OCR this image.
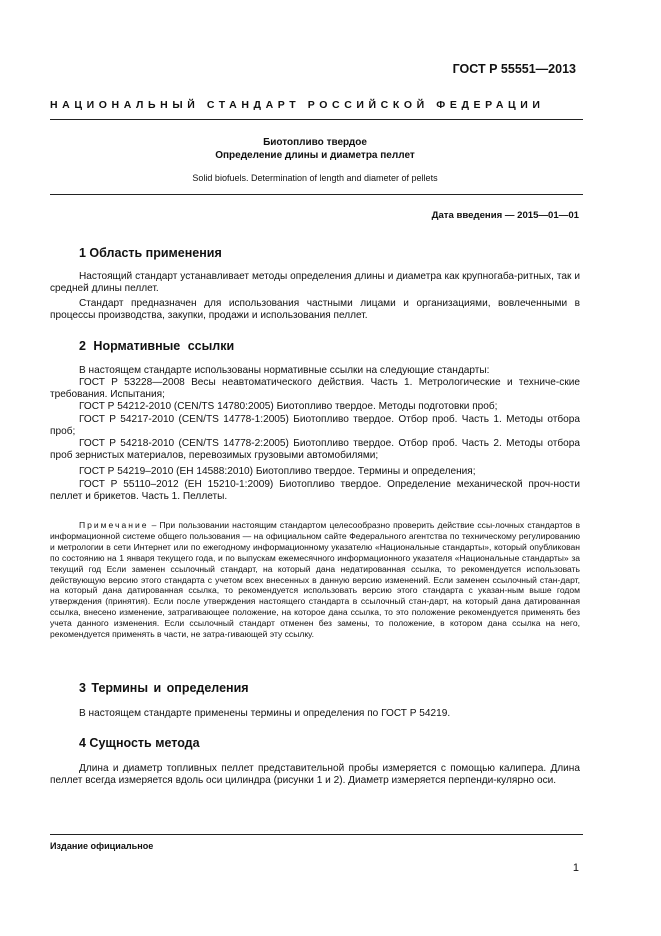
ГОСТ Р 55551—2013
НАЦИОНАЛЬНЫЙ СТАНДАРТ РОССИЙСКОЙ ФЕДЕРАЦИИ
Биотопливо твердое
Определение длины и диаметра пеллет
Solid biofuels. Determination of length and diameter of pellets
Дата введения — 2015—01—01
1 Область применения

Настоящий стандарт устанавливает методы определения длины и диаметра как крупногаба-ритных, так и средней длины пеллет.

Стандарт предназначен для использования частными лицами и организациями, вовлеченными в процессы производства, закупки, продажи и использования пеллет.

2 Нормативные ссылки

В настоящем стандарте использованы нормативные ссылки на следующие стандарты:

ГОСТ Р 53228—2008 Весы неавтоматического действия. Часть 1. Метрологические и техниче-ские требования. Испытания;

ГОСТ Р 54212-2010 (CEN/TS 14780:2005) Биотопливо твердое. Методы подготовки проб;

ГОСТ Р 54217-2010 (CEN/TS 14778-1:2005) Биотопливо твердое. Отбор проб. Часть 1. Методы отбора проб;

ГОСТ Р 54218-2010 (CEN/TS 14778-2:2005) Биотопливо твердое. Отбор проб. Часть 2. Методы отбора проб зернистых материалов, перевозимых грузовыми автомобилями;

ГОСТ Р 54219–2010 (ЕН 14588:2010) Биотопливо твердое. Термины и определения;

ГОСТ Р 55110–2012 (ЕН 15210-1:2009) Биотопливо твердое. Определение механической проч-ности пеллет и брикетов. Часть 1. Пеллеты.

Примечание – При пользовании настоящим стандартом целесообразно проверить действие ссы-лочных стандартов в информационной системе общего пользования — на официальном сайте Федерального агентства по техническому регулированию и метрологии в сети Интернет или по ежегодному информационному указателю «Национальные стандарты», который опубликован по состоянию на 1 января текущего года, и по выпускам ежемесячного информационного указателя «Национальные стандарты» за текущий год Если заменен ссылочный стандарт, на который дана недатированная ссылка, то рекомендуется использовать действующую версию этого стандарта с учетом всех внесенных в данную версию изменений. Если заменен ссылочный стан-дарт, на который дана датированная ссылка, то рекомендуется использовать версию этого стандарта с указан-ным выше годом утверждения (принятия). Если после утверждения настоящего стандарта в ссылочный стан-дарт, на который дана датированная ссылка, внесено изменение, затрагивающее положение, на которое дана ссылка, то это положение рекомендуется применять без учета данного изменения. Если ссылочный стандарт отменен без замены, то положение, в котором дана ссылка на него, рекомендуется применять в части, не затра-гивающей эту ссылку.

3 Термины и определения

В настоящем стандарте применены термины и определения по ГОСТ Р 54219.

4 Сущность метода

Длина и диаметр топливных пеллет представительной пробы измеряется с помощью калипера. Длина пеллет всегда измеряется вдоль оси цилиндра (рисунки 1 и 2). Диаметр измеряется перпенди-кулярно оси.

Издание официальное
1
